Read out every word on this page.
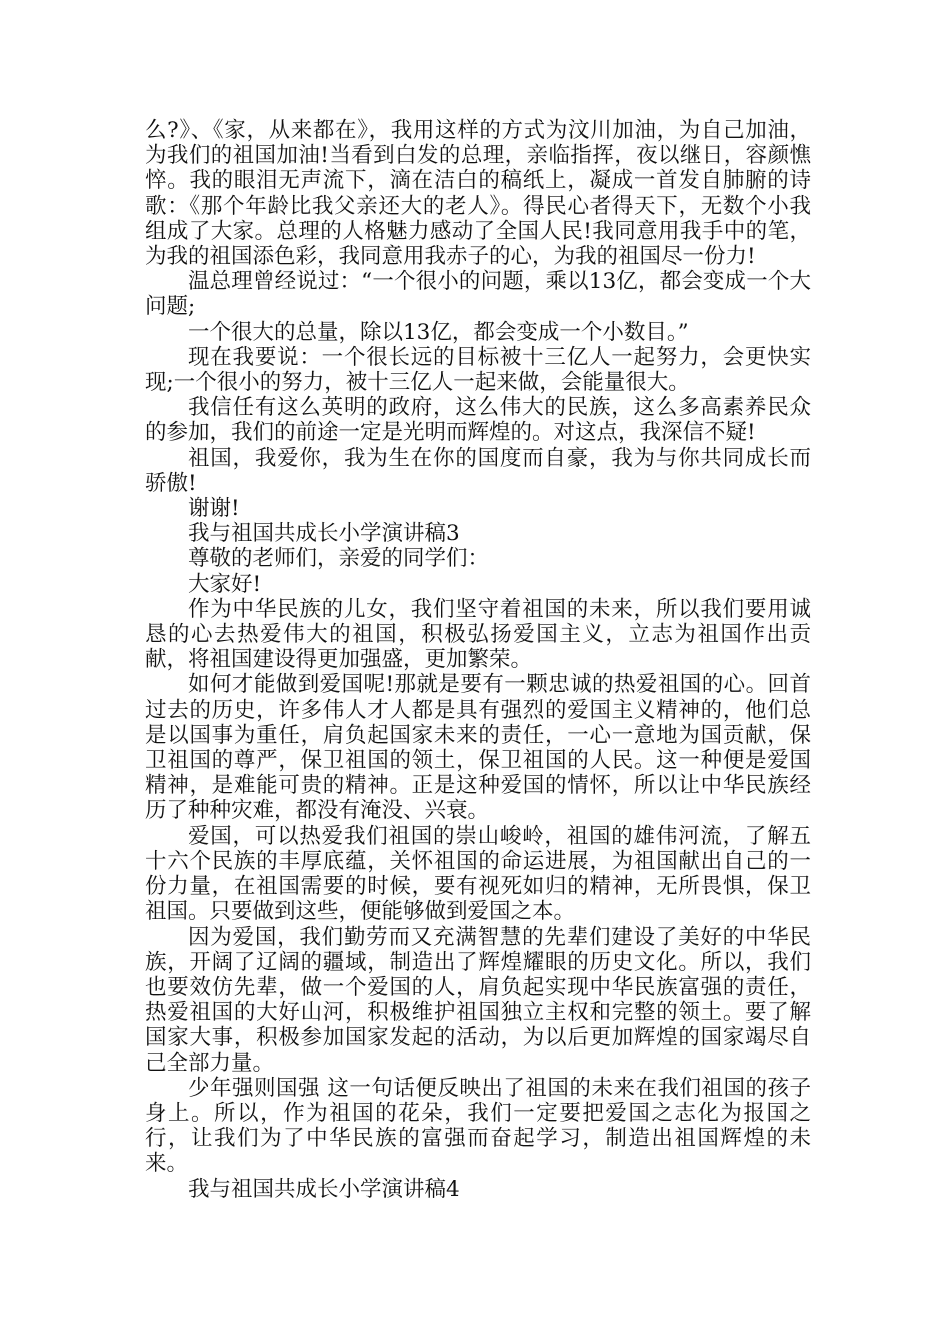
么?》、《家，从来都在》，我用这样的方式为汶川加油，为自己加油，为我们的祖国加油!当看到白发的总理，亲临指挥，夜以继日，容颜憔悴。我的眼泪无声流下，滴在洁白的稿纸上，凝成一首发自肺腑的诗歌：《那个年龄比我父亲还大的老人》。得民心者得天下，无数个小我组成了大家。总理的人格魅力感动了全国人民!我同意用我手中的笔，为我的祖国添色彩，我同意用我赤子的心，为我的祖国尽一份力!

温总理曾经说过：“一个很小的问题，乘以13亿，都会变成一个大问题;

一个很大的总量，除以13亿，都会变成一个小数目。”

现在我要说：一个很长远的目标被十三亿人一起努力，会更快实现;一个很小的努力，被十三亿人一起来做，会能量很大。

我信任有这么英明的政府，这么伟大的民族，这么多高素养民众的参加，我们的前途一定是光明而辉煌的。对这点，我深信不疑!

祖国，我爱你，我为生在你的国度而自豪，我为与你共同成长而骄傲!

谢谢!

我与祖国共成长小学演讲稿3

尊敬的老师们，亲爱的同学们：

大家好!

作为中华民族的儿女，我们坚守着祖国的未来，所以我们要用诚恳的心去热爱伟大的祖国，积极弘扬爱国主义，立志为祖国作出贡献，将祖国建设得更加强盛，更加繁荣。

如何才能做到爱国呢!那就是要有一颗忠诚的热爱祖国的心。回首过去的历史，许多伟人才人都是具有强烈的爱国主义精神的，他们总是以国事为重任，肩负起国家未来的责任，一心一意地为国贡献，保卫祖国的尊严，保卫祖国的领土，保卫祖国的人民。这一种便是爱国精神，是难能可贵的精神。正是这种爱国的情怀，所以让中华民族经历了种种灾难，都没有淹没、兴衰。

爱国，可以热爱我们祖国的崇山峻岭，祖国的雄伟河流，了解五十六个民族的丰厚底蕴，关怀祖国的命运进展，为祖国献出自己的一份力量，在祖国需要的时候，要有视死如归的精神，无所畏惧，保卫祖国。只要做到这些，便能够做到爱国之本。

因为爱国，我们勤劳而又充满智慧的先辈们建设了美好的中华民族，开阔了辽阔的疆域，制造出了辉煌耀眼的历史文化。所以，我们也要效仿先辈，做一个爱国的人，肩负起实现中华民族富强的责任，热爱祖国的大好山河，积极维护祖国独立主权和完整的领土。要了解国家大事，积极参加国家发起的活动，为以后更加辉煌的国家竭尽自己全部力量。

少年强则国强 这一句话便反映出了祖国的未来在我们祖国的孩子身上。所以，作为祖国的花朵，我们一定要把爱国之志化为报国之行，让我们为了中华民族的富强而奋起学习，制造出祖国辉煌的未来。

我与祖国共成长小学演讲稿4
